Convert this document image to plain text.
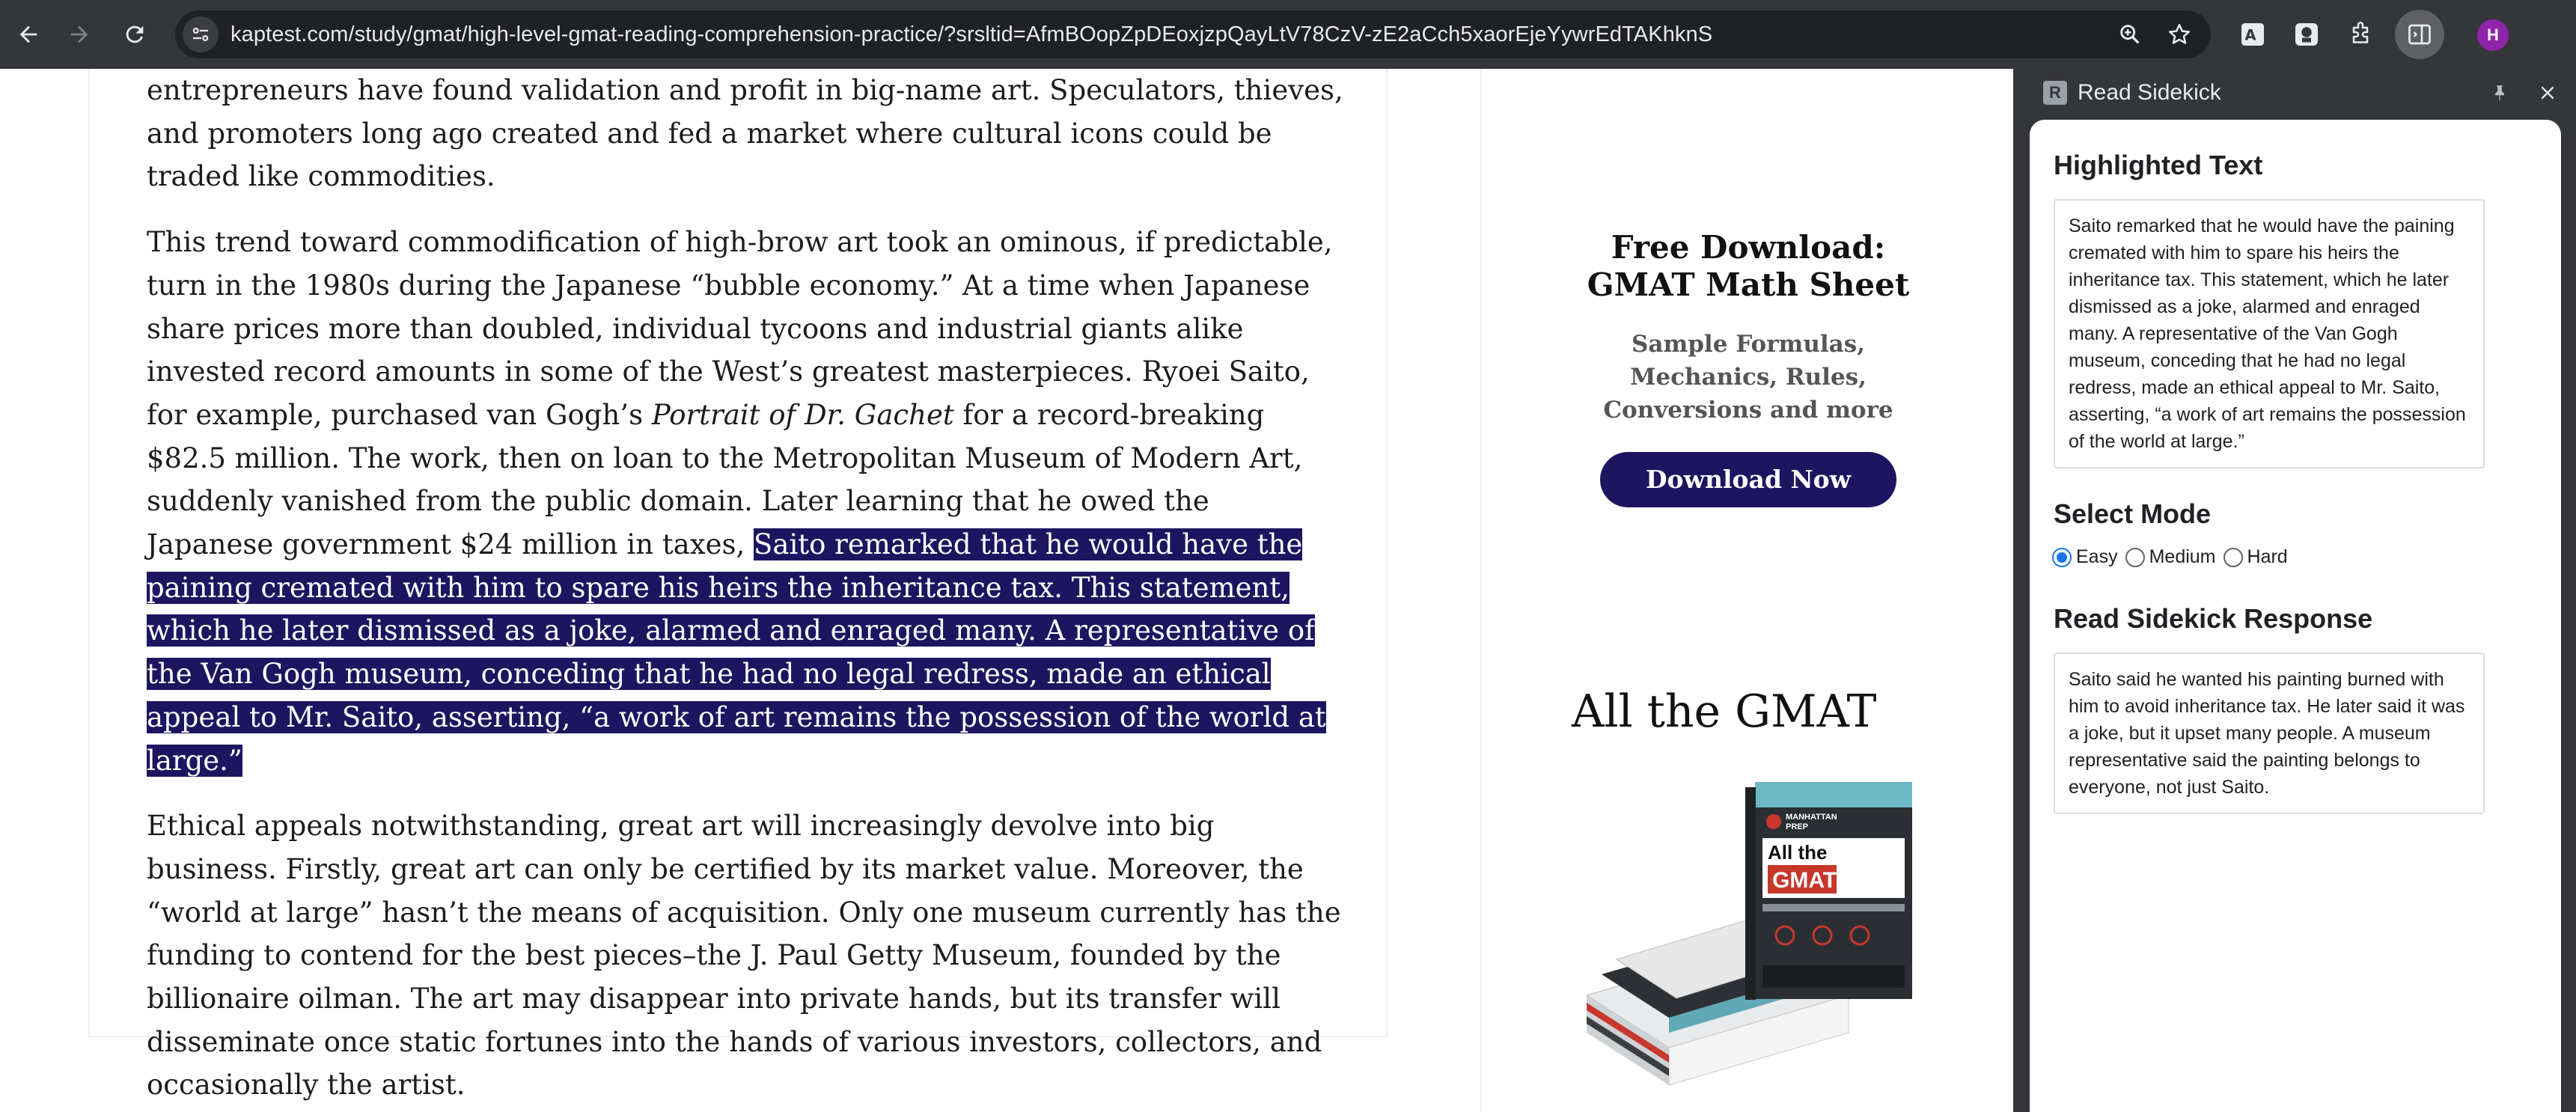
kaptest.com/study/gmat/high-level-gmat-reading-comprehension-practice/?srsltid=AfmBOopZpDEoxjzpQayLtV78CzV-zE2aCch5xaorEjeYywrEdTAKhknS	A	H

entrepreneurs have found validation and profit in big-name art. Speculators, thieves, and promoters long ago created and fed a market where cultural icons could be traded like commodities.

This trend toward commodification of high-brow art took an ominous, if predictable, turn in the 1980s during the Japanese “bubble economy.” At a time when Japanese share prices more than doubled, individual tycoons and industrial giants alike invested record amounts in some of the West’s greatest masterpieces. Ryoei Saito, for example, purchased van Gogh’s Portrait of Dr. Gachet for a record-breaking $82.5 million. The work, then on loan to the Metropolitan Museum of Modern Art, suddenly vanished from the public domain. Later learning that he owed the Japanese government $24 million in taxes, Saito remarked that he would have the paining cremated with him to spare his heirs the inheritance tax. This statement, which he later dismissed as a joke, alarmed and enraged many. A representative of the Van Gogh museum, conceding that he had no legal redress, made an ethical appeal to Mr. Saito, asserting, “a work of art remains the possession of the world at large.”

Ethical appeals notwithstanding, great art will increasingly devolve into big business. Firstly, great art can only be certified by its market value. Moreover, the “world at large” hasn’t the means of acquisition. Only one museum currently has the funding to contend for the best pieces–the J. Paul Getty Museum, founded by the billionaire oilman. The art may disappear into private hands, but its transfer will disseminate once static fortunes into the hands of various investors, collectors, and occasionally the artist.

Free Download:
GMAT Math Sheet
Sample Formulas, Mechanics, Rules, Conversions and more
Download Now
All the GMAT
MANHATTAN
PREP
All the
GMAT
R Read Sidekick
Highlighted Text
Saito remarked that he would have the paining cremated with him to spare his heirs the inheritance tax. This statement, which he later dismissed as a joke, alarmed and enraged many. A representative of the Van Gogh museum, conceding that he had no legal redress, made an ethical appeal to Mr. Saito, asserting, “a work of art remains the possession of the world at large.”
Select Mode
Easy Medium Hard
Read Sidekick Response
Saito said he wanted his painting burned with him to avoid inheritance tax. He later said it was a joke, but it upset many people. A museum representative said the painting belongs to everyone, not just Saito.
